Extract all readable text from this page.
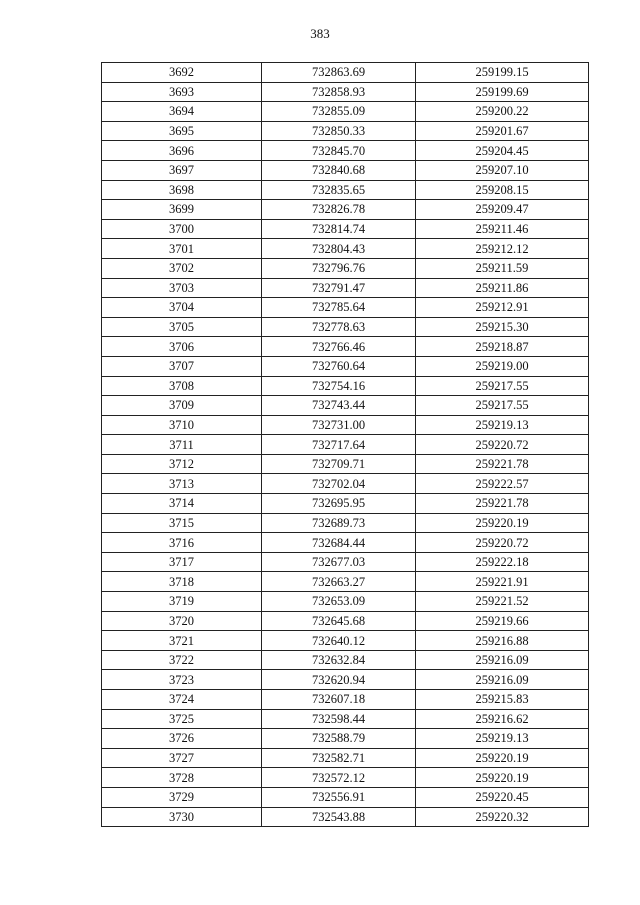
383
3692	732863.69	259199.15
3693	732858.93	259199.69
3694	732855.09	259200.22
3695	732850.33	259201.67
3696	732845.70	259204.45
3697	732840.68	259207.10
3698	732835.65	259208.15
3699	732826.78	259209.47
3700	732814.74	259211.46
3701	732804.43	259212.12
3702	732796.76	259211.59
3703	732791.47	259211.86
3704	732785.64	259212.91
3705	732778.63	259215.30
3706	732766.46	259218.87
3707	732760.64	259219.00
3708	732754.16	259217.55
3709	732743.44	259217.55
3710	732731.00	259219.13
3711	732717.64	259220.72
3712	732709.71	259221.78
3713	732702.04	259222.57
3714	732695.95	259221.78
3715	732689.73	259220.19
3716	732684.44	259220.72
3717	732677.03	259222.18
3718	732663.27	259221.91
3719	732653.09	259221.52
3720	732645.68	259219.66
3721	732640.12	259216.88
3722	732632.84	259216.09
3723	732620.94	259216.09
3724	732607.18	259215.83
3725	732598.44	259216.62
3726	732588.79	259219.13
3727	732582.71	259220.19
3728	732572.12	259220.19
3729	732556.91	259220.45
3730	732543.88	259220.32
